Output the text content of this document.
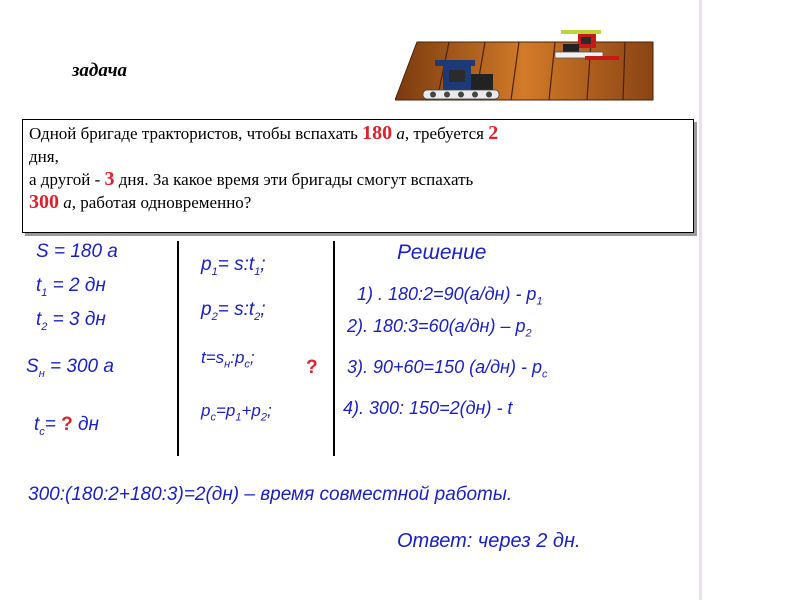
задача

Одной бригаде трактористов, чтобы вспахать 180 а, требуется 2

дня,

а другой - 3 дня. За какое время эти бригады смогут вспахать

300 а, работая одновременно?

S = 180 а
$t_1 = 2$ дн
$t_2 = 3$ дн
$S_н = 300$ а
$t_c=$ ? дн
$p_1=$ $s:t_1$;
$p_2=$ $s:t_2$;
$t=s_н:p_с$;	?
$p_с=p_1+p_2$;
Решение
1) . 180:2=90(а/дн) - $p_1$
2). 180:3=60(а/дн) – $p_2$
3). 90+60=150 $(а/дн) - p_c$
4). 300: 150=2(дн) - t
300:(180:2+180:3)=2(дн) – время совместной работы.
Ответ: через 2 дн.
